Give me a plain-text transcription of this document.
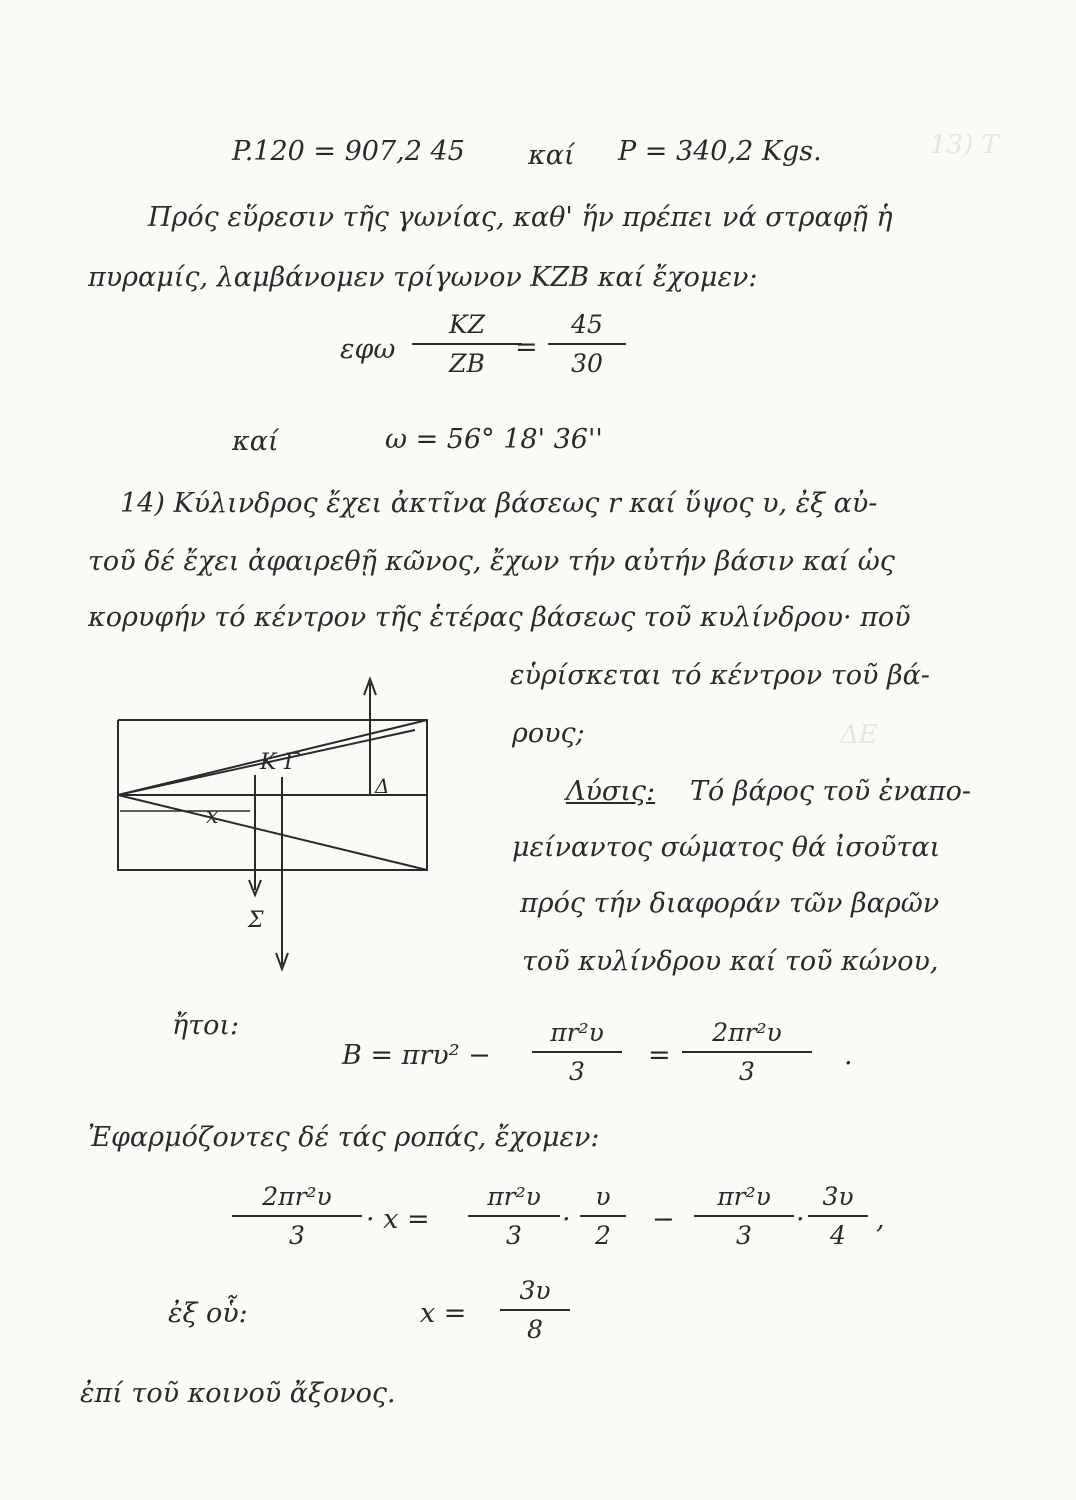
13) Τ
ΔΕ
P.120 = 907,2 45 καί P = 340,2 Kgs.
Πρός εὕρεσιν τῆς γωνίας, καθ' ἥν πρέπει νά στραφῇ ἡ
πυραμίς, λαμβάνομεν τρίγωνον ΚΖΒ καί ἔχομεν:
εφω
ΚΖ
ΖΒ
=
45
30
καί	ω = 56° 18' 36''
14) Κύλινδρος ἔχει ἀκτῖνα βάσεως r καί ὕψος υ, ἐξ αὐ-
τοῦ δέ ἔχει ἀφαιρεθῇ κῶνος, ἔχων τήν αὐτήν βάσιν καί ὡς
κορυφήν τό κέντρον τῆς ἑτέρας βάσεως τοῦ κυλίνδρου· ποῦ
εὑρίσκεται τό κέντρον τοῦ βά-
ρους;
K Γ
Δ
x
Σ
Λύσις: Τό βάρος τοῦ ἐναπο-
μείναντος σώματος θά ἰσοῦται
πρός τήν διαφοράν τῶν βαρῶν
τοῦ κυλίνδρου καί τοῦ κώνου,
ἤτοι:
B = πrυ² −
πr²υ
3
=
2πr²υ
3
.
Ἐφαρμόζοντες δέ τάς ροπάς, ἔχομεν:
2πr²υ
3
· x =
πr²υ
3
·
υ
2
−
πr²υ
3
·
3υ
4
,
ἐξ οὗ:	x =
3υ
8
ἐπί τοῦ κοινοῦ ἄξονος.
